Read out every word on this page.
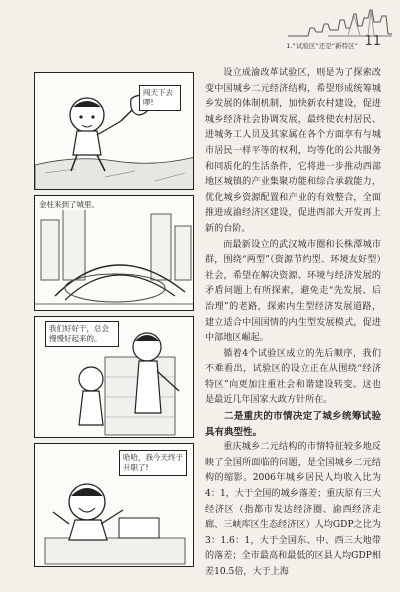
1.“试验区”还是“新特区” 11
闯天下去啰!
金柱来到了城里。
我们好好干，总会慢慢好起来的。
哈哈，我今天终于升职了!

设立成渝改革试验区，则是为了探索改变中国城乡二元经济结构，希望形成统筹城乡发展的体制机制，加快新农村建设，促进城乡经济社会协调发展，最终使农村居民、进城务工人员及其家属在各个方面享有与城市居民一样平等的权利，均等化的公共服务和同质化的生活条件，它将进一步推动西部地区城镇的产业集聚功能和综合承载能力，优化城乡资源配置和产业的有效整合，全面推进成渝经济区建设，促进西部大开发再上新的台阶。

而最新设立的武汉城市圈和长株潭城市群，围绕“两型”（资源节约型、环境友好型）社会，希望在解决资源、环境与经济发展的矛盾问题上有所探索，避免走“先发展、后治理”的老路，探索内生型经济发展道路，建立适合中国国情的内生型发展模式，促进中部地区崛起。

循着4个试验区成立的先后顺序，我们不难看出，试验区的设立正在从围绕“经济特区”向更加注重社会和谐建设转变。这也是最近几年国家大政方针所在。

二是重庆的市情决定了城乡统筹试验具有典型性。

重庆城乡二元结构的市情特征较多地反映了全国所面临的问题，是全国城乡二元结构的缩影。2006年城乡居民人均收入比为4：1，大于全国的城乡落差；重庆原有三大经济区（指都市发达经济圈、渝西经济走廊、三峡库区生态经济区）人均GDP之比为3：1.6：1，大于全国东、中、西三大地带的落差；全市最高和最低的区县人均GDP相差10.5倍，大于上海
